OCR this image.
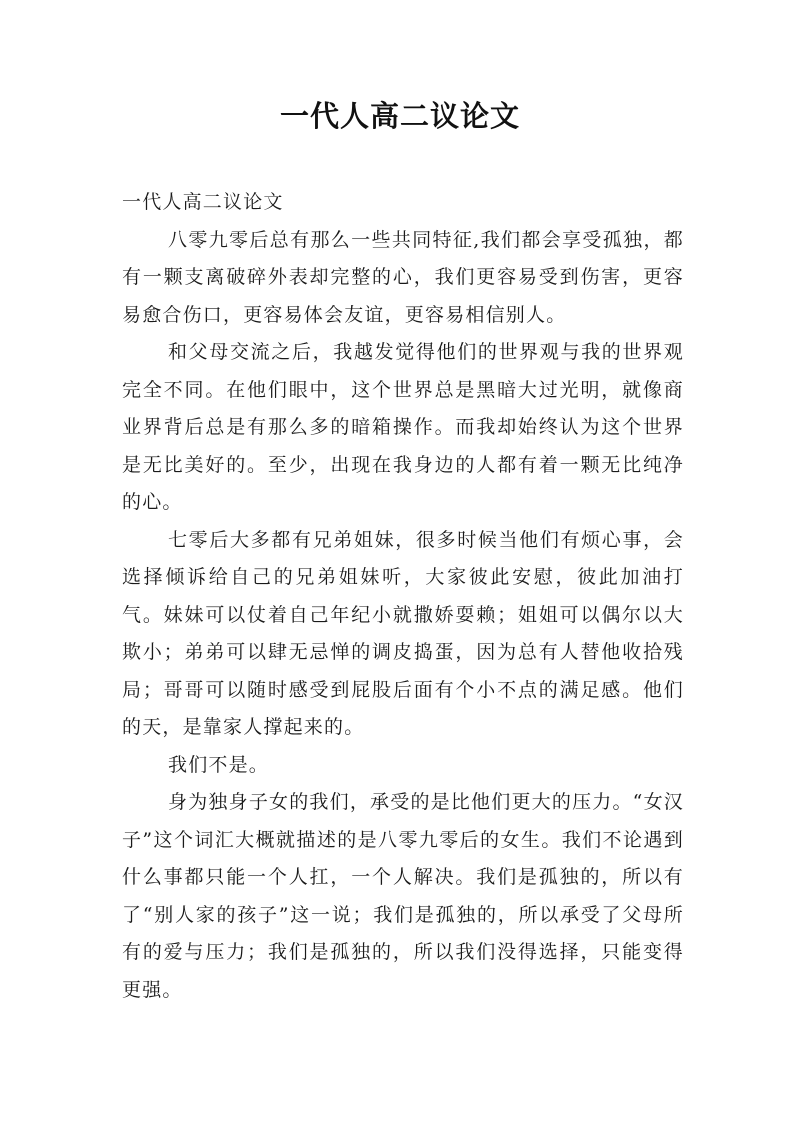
一代人高二议论文

一代人高二议论文

八零九零后总有那么一些共同特征,我们都会享受孤独，都有一颗支离破碎外表却完整的心，我们更容易受到伤害，更容易愈合伤口，更容易体会友谊，更容易相信别人。

和父母交流之后，我越发觉得他们的世界观与我的世界观完全不同。在他们眼中，这个世界总是黑暗大过光明，就像商业界背后总是有那么多的暗箱操作。而我却始终认为这个世界是无比美好的。至少，出现在我身边的人都有着一颗无比纯净的心。

七零后大多都有兄弟姐妹，很多时候当他们有烦心事，会选择倾诉给自己的兄弟姐妹听，大家彼此安慰，彼此加油打气。妹妹可以仗着自己年纪小就撒娇耍赖；姐姐可以偶尔以大欺小；弟弟可以肆无忌惮的调皮捣蛋，因为总有人替他收拾残局；哥哥可以随时感受到屁股后面有个小不点的满足感。他们的天，是靠家人撑起来的。

我们不是。

身为独身子女的我们，承受的是比他们更大的压力。“女汉子”这个词汇大概就描述的是八零九零后的女生。我们不论遇到什么事都只能一个人扛，一个人解决。我们是孤独的，所以有了“别人家的孩子”这一说；我们是孤独的，所以承受了父母所有的爱与压力；我们是孤独的，所以我们没得选择，只能变得更强。
